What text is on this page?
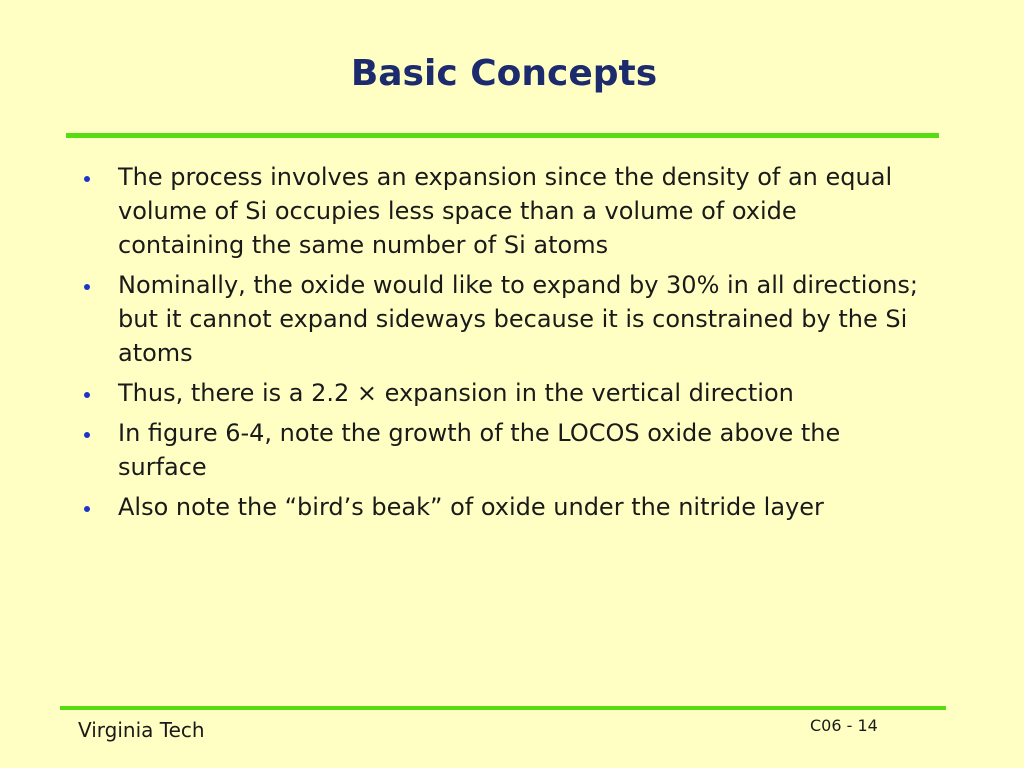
Basic Concepts
The process involves an expansion since the density of an equal volume of Si occupies less space than a volume of oxide containing the same number of Si atoms
Nominally, the oxide would like to expand by 30% in all directions; but it cannot expand sideways because it is constrained by the Si atoms
Thus, there is a 2.2 × expansion in the vertical direction
In figure 6-4, note the growth of the LOCOS oxide above the surface
Also note the “bird’s beak” of oxide under the nitride layer
Virginia Tech	C06 - 14
